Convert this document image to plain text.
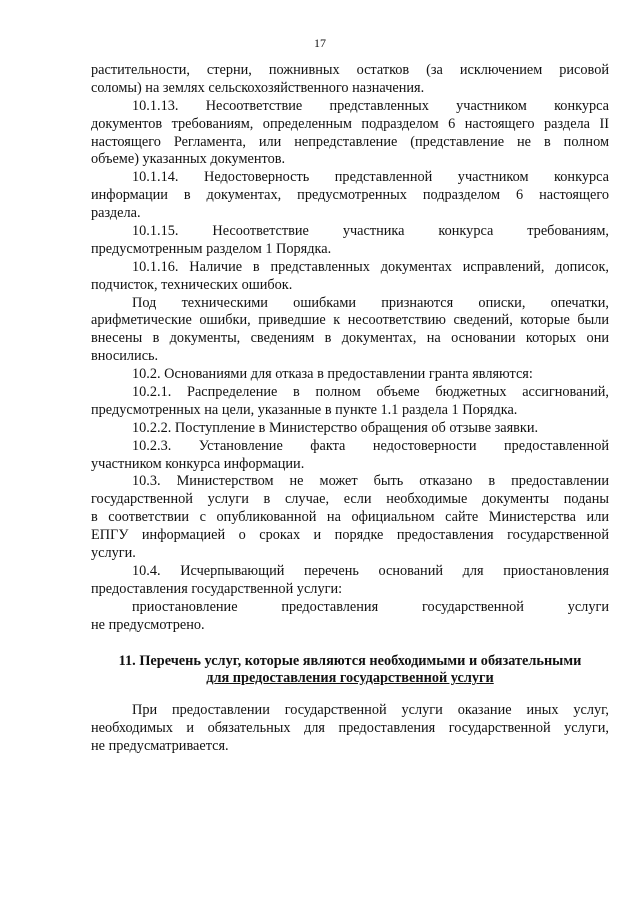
17
растительности, стерни, пожнивных остатков (за исключением рисовой
соломы) на землях сельскохозяйственного назначения.
10.1.13. Несоответствие представленных участником конкурса
документов требованиям, определенным подразделом 6 настоящего раздела II
настоящего Регламента, или непредставление (представление не в полном
объеме) указанных документов.
10.1.14. Недостоверность представленной участником конкурса
информации в документах, предусмотренных подразделом 6 настоящего
раздела.
10.1.15. Несоответствие участника конкурса требованиям,
предусмотренным разделом 1 Порядка.
10.1.16. Наличие в представленных документах исправлений, дописок,
подчисток, технических ошибок.
Под техническими ошибками признаются описки, опечатки,
арифметические ошибки, приведшие к несоответствию сведений, которые были
внесены в документы, сведениям в документах, на основании которых они
вносились.
10.2. Основаниями для отказа в предоставлении гранта являются:
10.2.1. Распределение в полном объеме бюджетных ассигнований,
предусмотренных на цели, указанные в пункте 1.1 раздела 1 Порядка.
10.2.2. Поступление в Министерство обращения об отзыве заявки.
10.2.3. Установление факта недостоверности предоставленной
участником конкурса информации.
10.3. Министерством не может быть отказано в предоставлении
государственной услуги в случае, если необходимые документы поданы
в соответствии с опубликованной на официальном сайте Министерства или
ЕПГУ информацией о сроках и порядке предоставления государственной
услуги.
10.4. Исчерпывающий перечень оснований для приостановления
предоставления государственной услуги:
приостановление предоставления государственной услуги
не предусмотрено.
11. Перечень услуг, которые являются необходимыми и обязательными
для предоставления государственной услуги
При предоставлении государственной услуги оказание иных услуг,
необходимых и обязательных для предоставления государственной услуги,
не предусматривается.
